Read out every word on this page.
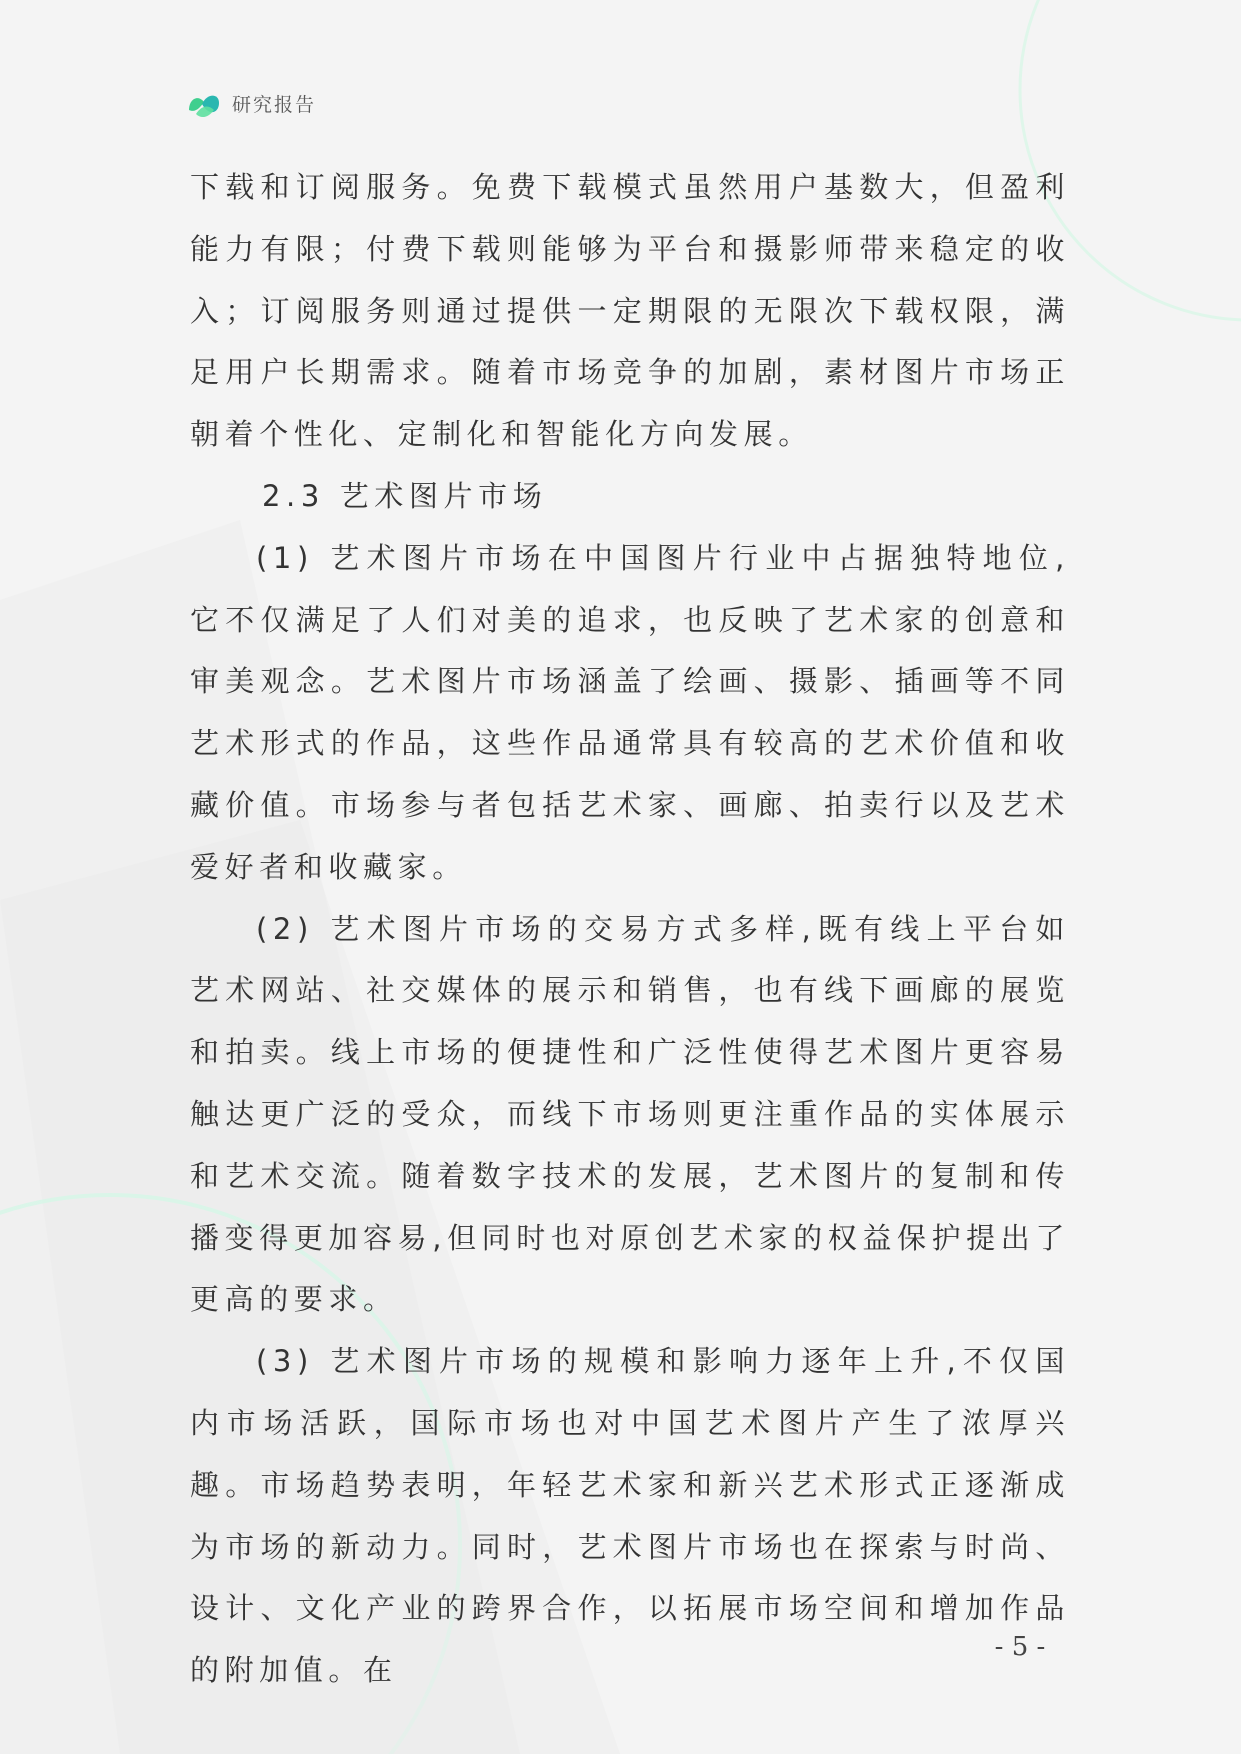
研究报告

下载和订阅服务。免费下载模式虽然用户基数大，但盈利能力有限；付费下载则能够为平台和摄影师带来稳定的收入；订阅服务则通过提供一定期限的无限次下载权限，满足用户长期需求。随着市场竞争的加剧，素材图片市场正朝着个性化、定制化和智能化方向发展。

2.3 艺术图片市场

(1) 艺术图片市场在中国图片行业中占据独特地位,它不仅满足了人们对美的追求，也反映了艺术家的创意和审美观念。艺术图片市场涵盖了绘画、摄影、插画等不同艺术形式的作品，这些作品通常具有较高的艺术价值和收藏价值。市场参与者包括艺术家、画廊、拍卖行以及艺术爱好者和收藏家。

(2) 艺术图片市场的交易方式多样,既有线上平台如艺术网站、社交媒体的展示和销售，也有线下画廊的展览和拍卖。线上市场的便捷性和广泛性使得艺术图片更容易触达更广泛的受众，而线下市场则更注重作品的实体展示和艺术交流。随着数字技术的发展，艺术图片的复制和传播变得更加容易,但同时也对原创艺术家的权益保护提出了更高的要求。

(3) 艺术图片市场的规模和影响力逐年上升,不仅国内市场活跃，国际市场也对中国艺术图片产生了浓厚兴趣。市场趋势表明，年轻艺术家和新兴艺术形式正逐渐成为市场的新动力。同时，艺术图片市场也在探索与时尚、设计、文化产业的跨界合作，以拓展市场空间和增加作品的附加值。在

- 5 -
